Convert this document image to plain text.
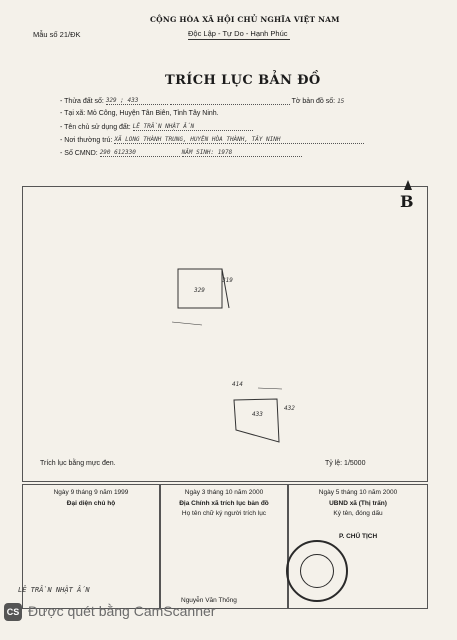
Mẫu số 21/ĐK
CỘNG HÒA XÃ HỘI CHỦ NGHĨA VIỆT NAM
Độc Lập - Tự Do - Hạnh Phúc
TRÍCH LỤC BẢN ĐỒ
- Thửa đất số: 329 ; 433	Tờ bản đồ số: 15
- Tại xã: Mỏ Công, Huyện Tân Biên, Tỉnh Tây Ninh.
- Tên chủ sử dụng đất: LÊ TRẦN NHẬT ẤN
- Nơi thường trú: XÃ LONG THÀNH TRUNG, HUYỆN HÒA THÀNH, TÂY NINH
- Số CMND: 290 612330	NĂM SINH: 1978
B
329
433
319
414
432
Trích lục bằng mực đen.	Tỷ lệ: 1/5000
Ngày 9 tháng 9 năm 1999
Đại diện chủ hộ
Ngày 3 tháng 10 năm 2000
Địa Chính xã trích lục bản đồ
Họ tên chữ ký người trích lục
Nguyễn Văn Thống
Ngày 5 tháng 10 năm 2000
UBND xã (Thị trấn)
Ký tên, đóng dấu
P. CHỦ TỊCH
LÊ TRẦN NHẬT ẤN
CS Được quét bằng CamScanner
